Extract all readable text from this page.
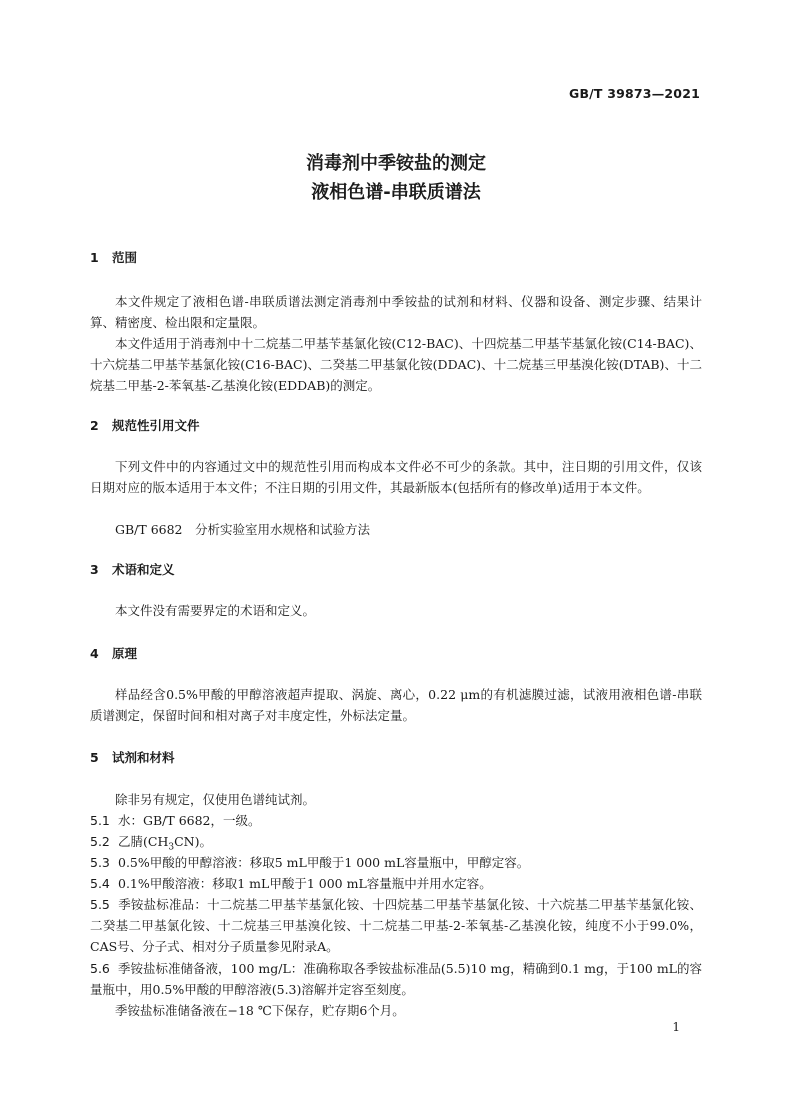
GB/T 39873—2021
消毒剂中季铵盐的测定
液相色谱-串联质谱法
1 范围
本文件规定了液相色谱-串联质谱法测定消毒剂中季铵盐的试剂和材料、仪器和设备、测定步骤、结果计算、精密度、检出限和定量限。
本文件适用于消毒剂中十二烷基二甲基苄基氯化铵(C12-BAC)、十四烷基二甲基苄基氯化铵(C14-BAC)、十六烷基二甲基苄基氯化铵(C16-BAC)、二癸基二甲基氯化铵(DDAC)、十二烷基三甲基溴化铵(DTAB)、十二烷基二甲基-2-苯氧基-乙基溴化铵(EDDAB)的测定。
2 规范性引用文件
下列文件中的内容通过文中的规范性引用而构成本文件必不可少的条款。其中，注日期的引用文件，仅该日期对应的版本适用于本文件；不注日期的引用文件，其最新版本(包括所有的修改单)适用于本文件。
GB/T 6682　分析实验室用水规格和试验方法
3 术语和定义
本文件没有需要界定的术语和定义。
4 原理
样品经含0.5%甲酸的甲醇溶液超声提取、涡旋、离心，0.22 μm的有机滤膜过滤，试液用液相色谱-串联质谱测定，保留时间和相对离子对丰度定性，外标法定量。
5 试剂和材料
除非另有规定，仅使用色谱纯试剂。
5.1 水：GB/T 6682，一级。
5.2 乙腈$(CH_3CN)$。
5.3 0.5%甲酸的甲醇溶液：移取5 mL甲酸于1 000 mL容量瓶中，甲醇定容。
5.4 0.1%甲酸溶液：移取1 mL甲酸于1 000 mL容量瓶中并用水定容。
5.5 季铵盐标准品：十二烷基二甲基苄基氯化铵、十四烷基二甲基苄基氯化铵、十六烷基二甲基苄基氯化铵、二癸基二甲基氯化铵、十二烷基三甲基溴化铵、十二烷基二甲基-2-苯氧基-乙基溴化铵，纯度不小于99.0%，CAS号、分子式、相对分子质量参见附录A。
5.6 季铵盐标准储备液，100 mg/L：准确称取各季铵盐标准品(5.5)10 mg，精确到0.1 mg，于100 mL的容量瓶中，用0.5%甲酸的甲醇溶液(5.3)溶解并定容至刻度。
季铵盐标准储备液在−18 ℃下保存，贮存期6个月。
1
